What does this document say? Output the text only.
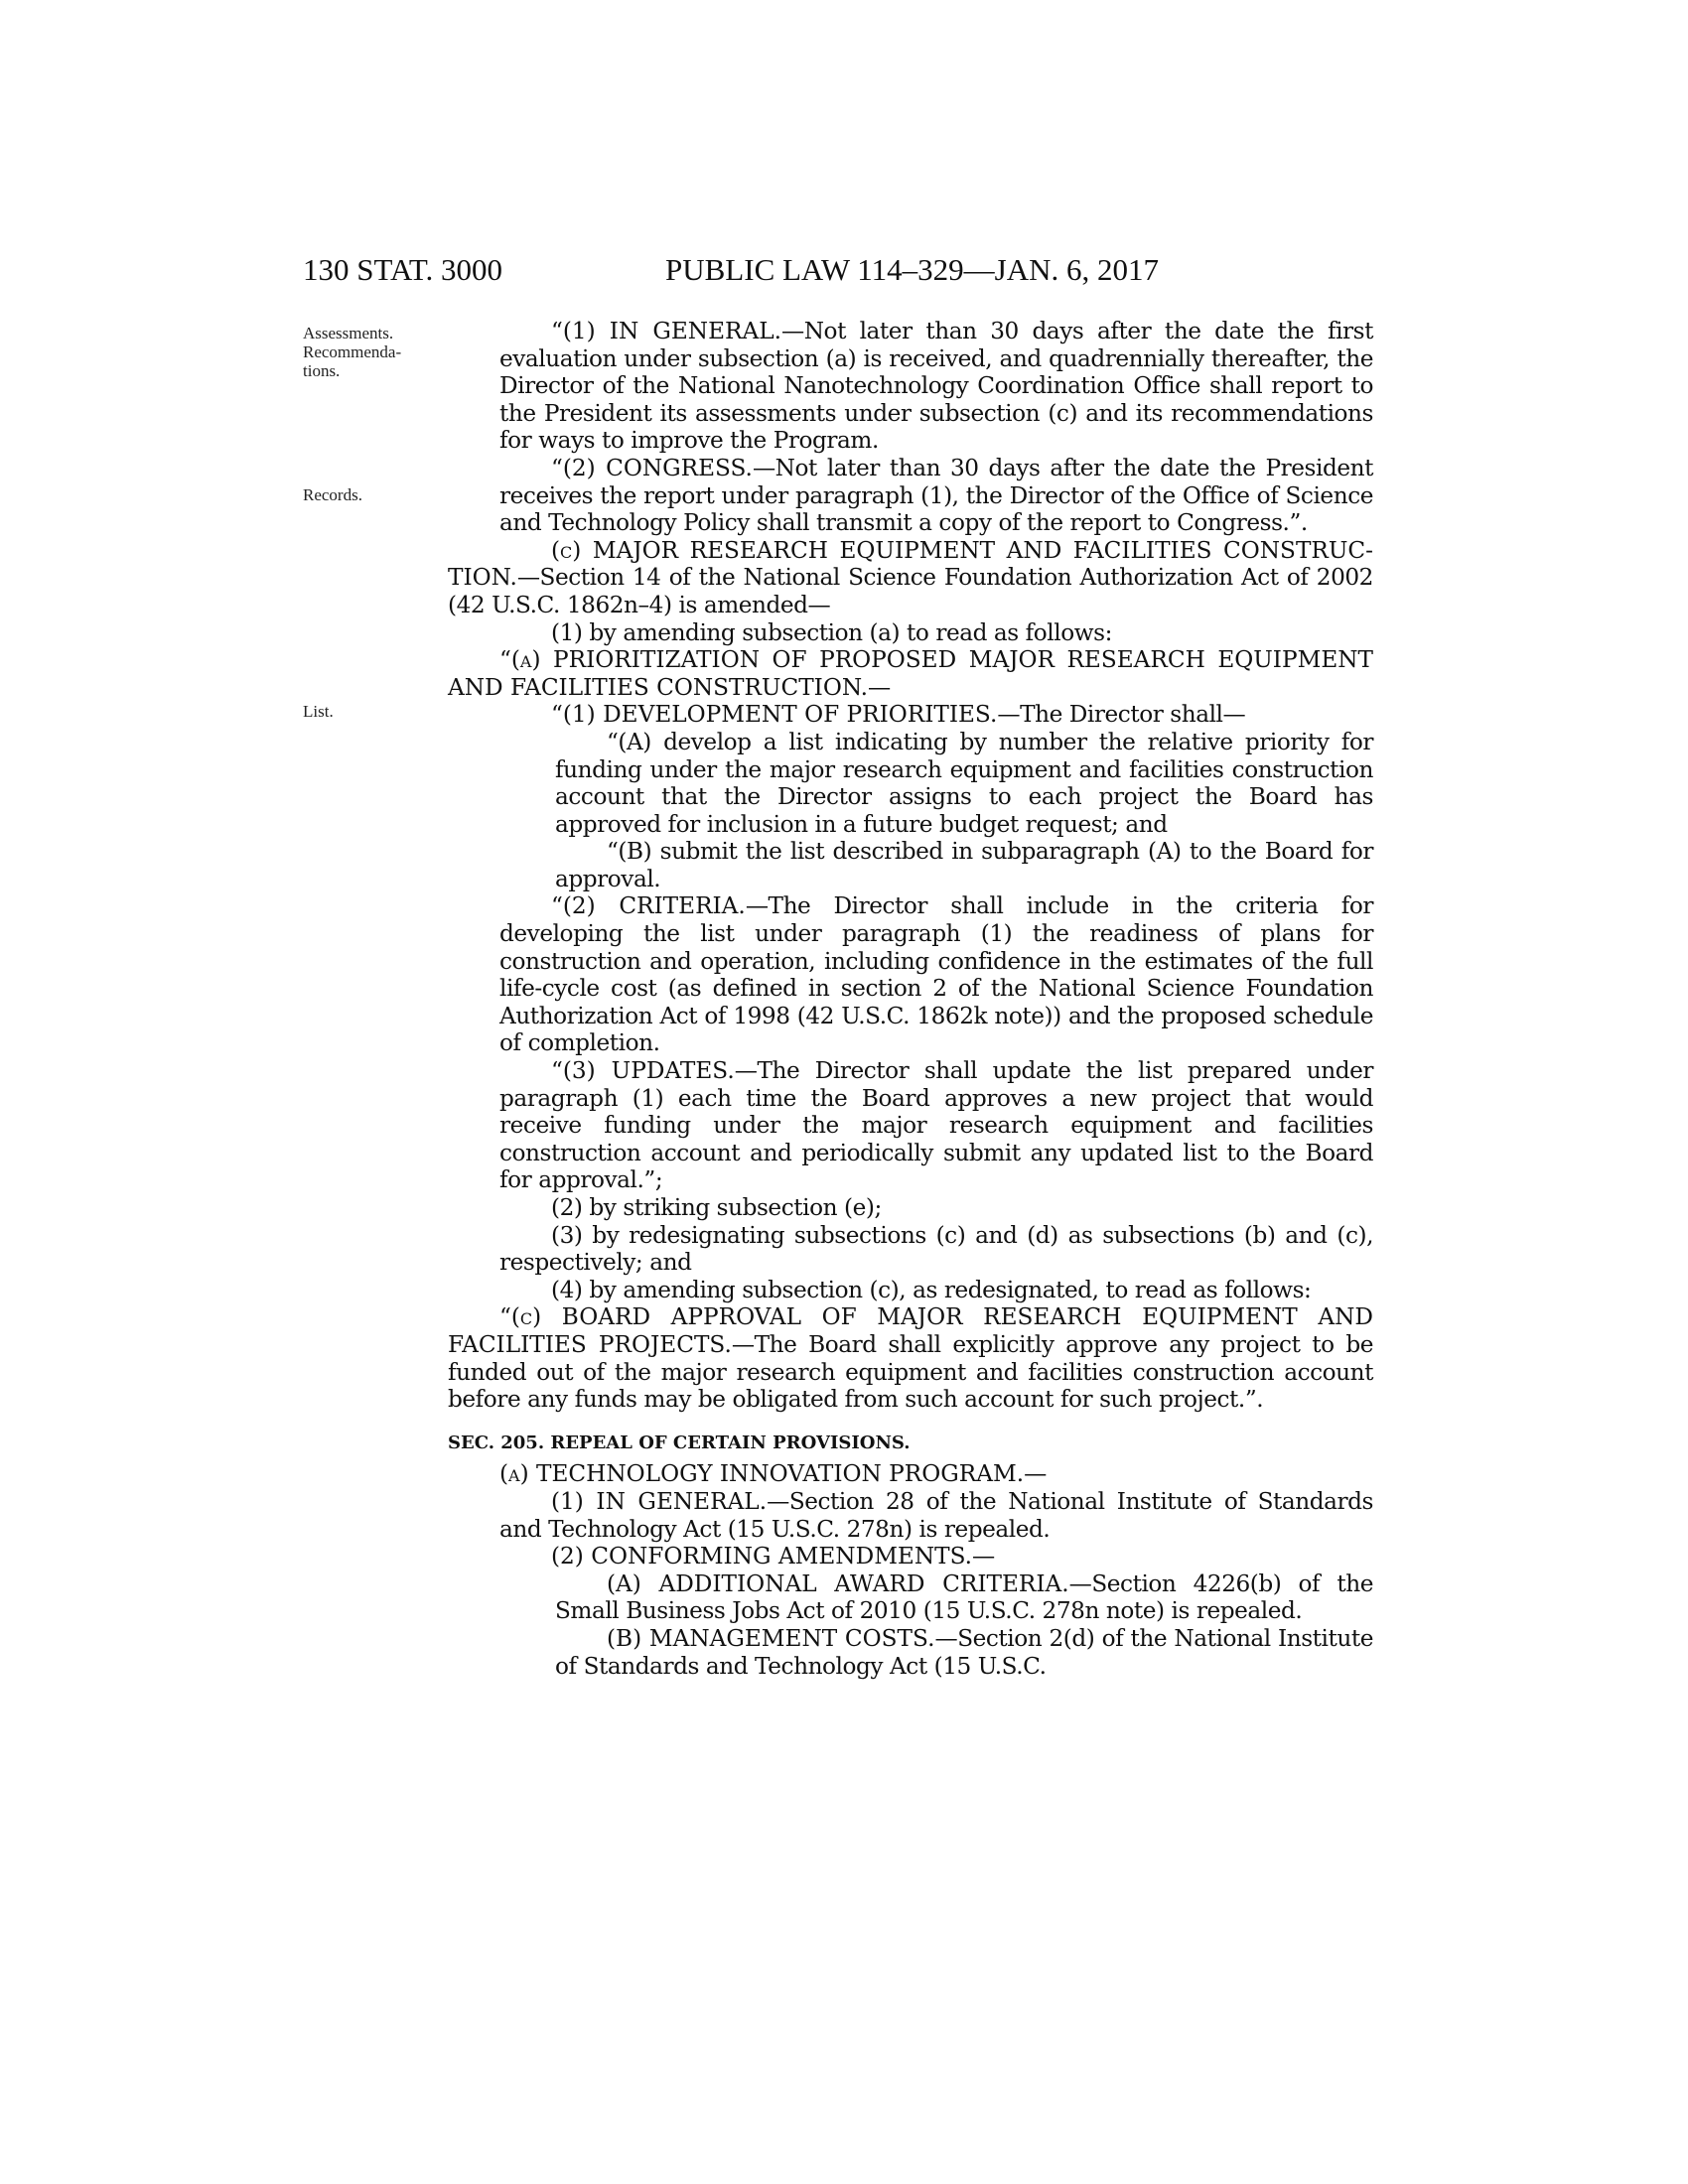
130 STAT. 3000	PUBLIC LAW 114–329—JAN. 6, 2017
Assessments. Recommenda- tions.
Records.
List.

“(1) IN GENERAL.—Not later than 30 days after the date the first evaluation under subsection (a) is received, and quadrennially thereafter, the Director of the National Nanotechnology Coordination Office shall report to the President its assessments under subsection (c) and its recommendations for ways to improve the Program.

“(2) CONGRESS.—Not later than 30 days after the date the President receives the report under paragraph (1), the Director of the Office of Science and Technology Policy shall transmit a copy of the report to Congress.”.

(c) MAJOR RESEARCH EQUIPMENT AND FACILITIES CONSTRUCTION.—Section 14 of the National Science Foundation Authorization Act of 2002 (42 U.S.C. 1862n–4) is amended—

(1) by amending subsection (a) to read as follows:

“(a) PRIORITIZATION OF PROPOSED MAJOR RESEARCH EQUIPMENT AND FACILITIES CONSTRUCTION.—

“(1) DEVELOPMENT OF PRIORITIES.—The Director shall—

“(A) develop a list indicating by number the relative priority for funding under the major research equipment and facilities construction account that the Director assigns to each project the Board has approved for inclusion in a future budget request; and

“(B) submit the list described in subparagraph (A) to the Board for approval.

“(2) CRITERIA.—The Director shall include in the criteria for developing the list under paragraph (1) the readiness of plans for construction and operation, including confidence in the estimates of the full life-cycle cost (as defined in section 2 of the National Science Foundation Authorization Act of 1998 (42 U.S.C. 1862k note)) and the proposed schedule of completion.

“(3) UPDATES.—The Director shall update the list prepared under paragraph (1) each time the Board approves a new project that would receive funding under the major research equipment and facilities construction account and periodically submit any updated list to the Board for approval.”;

(2) by striking subsection (e);

(3) by redesignating subsections (c) and (d) as subsections (b) and (c), respectively; and

(4) by amending subsection (c), as redesignated, to read as follows:

“(c) BOARD APPROVAL OF MAJOR RESEARCH EQUIPMENT AND FACILITIES PROJECTS.—The Board shall explicitly approve any project to be funded out of the major research equipment and facilities construction account before any funds may be obligated from such account for such project.”.

SEC. 205. REPEAL OF CERTAIN PROVISIONS.

(a) TECHNOLOGY INNOVATION PROGRAM.—

(1) IN GENERAL.—Section 28 of the National Institute of Standards and Technology Act (15 U.S.C. 278n) is repealed.

(2) CONFORMING AMENDMENTS.—

(A) ADDITIONAL AWARD CRITERIA.—Section 4226(b) of the Small Business Jobs Act of 2010 (15 U.S.C. 278n note) is repealed.

(B) MANAGEMENT COSTS.—Section 2(d) of the National Institute of Standards and Technology Act (15 U.S.C.
